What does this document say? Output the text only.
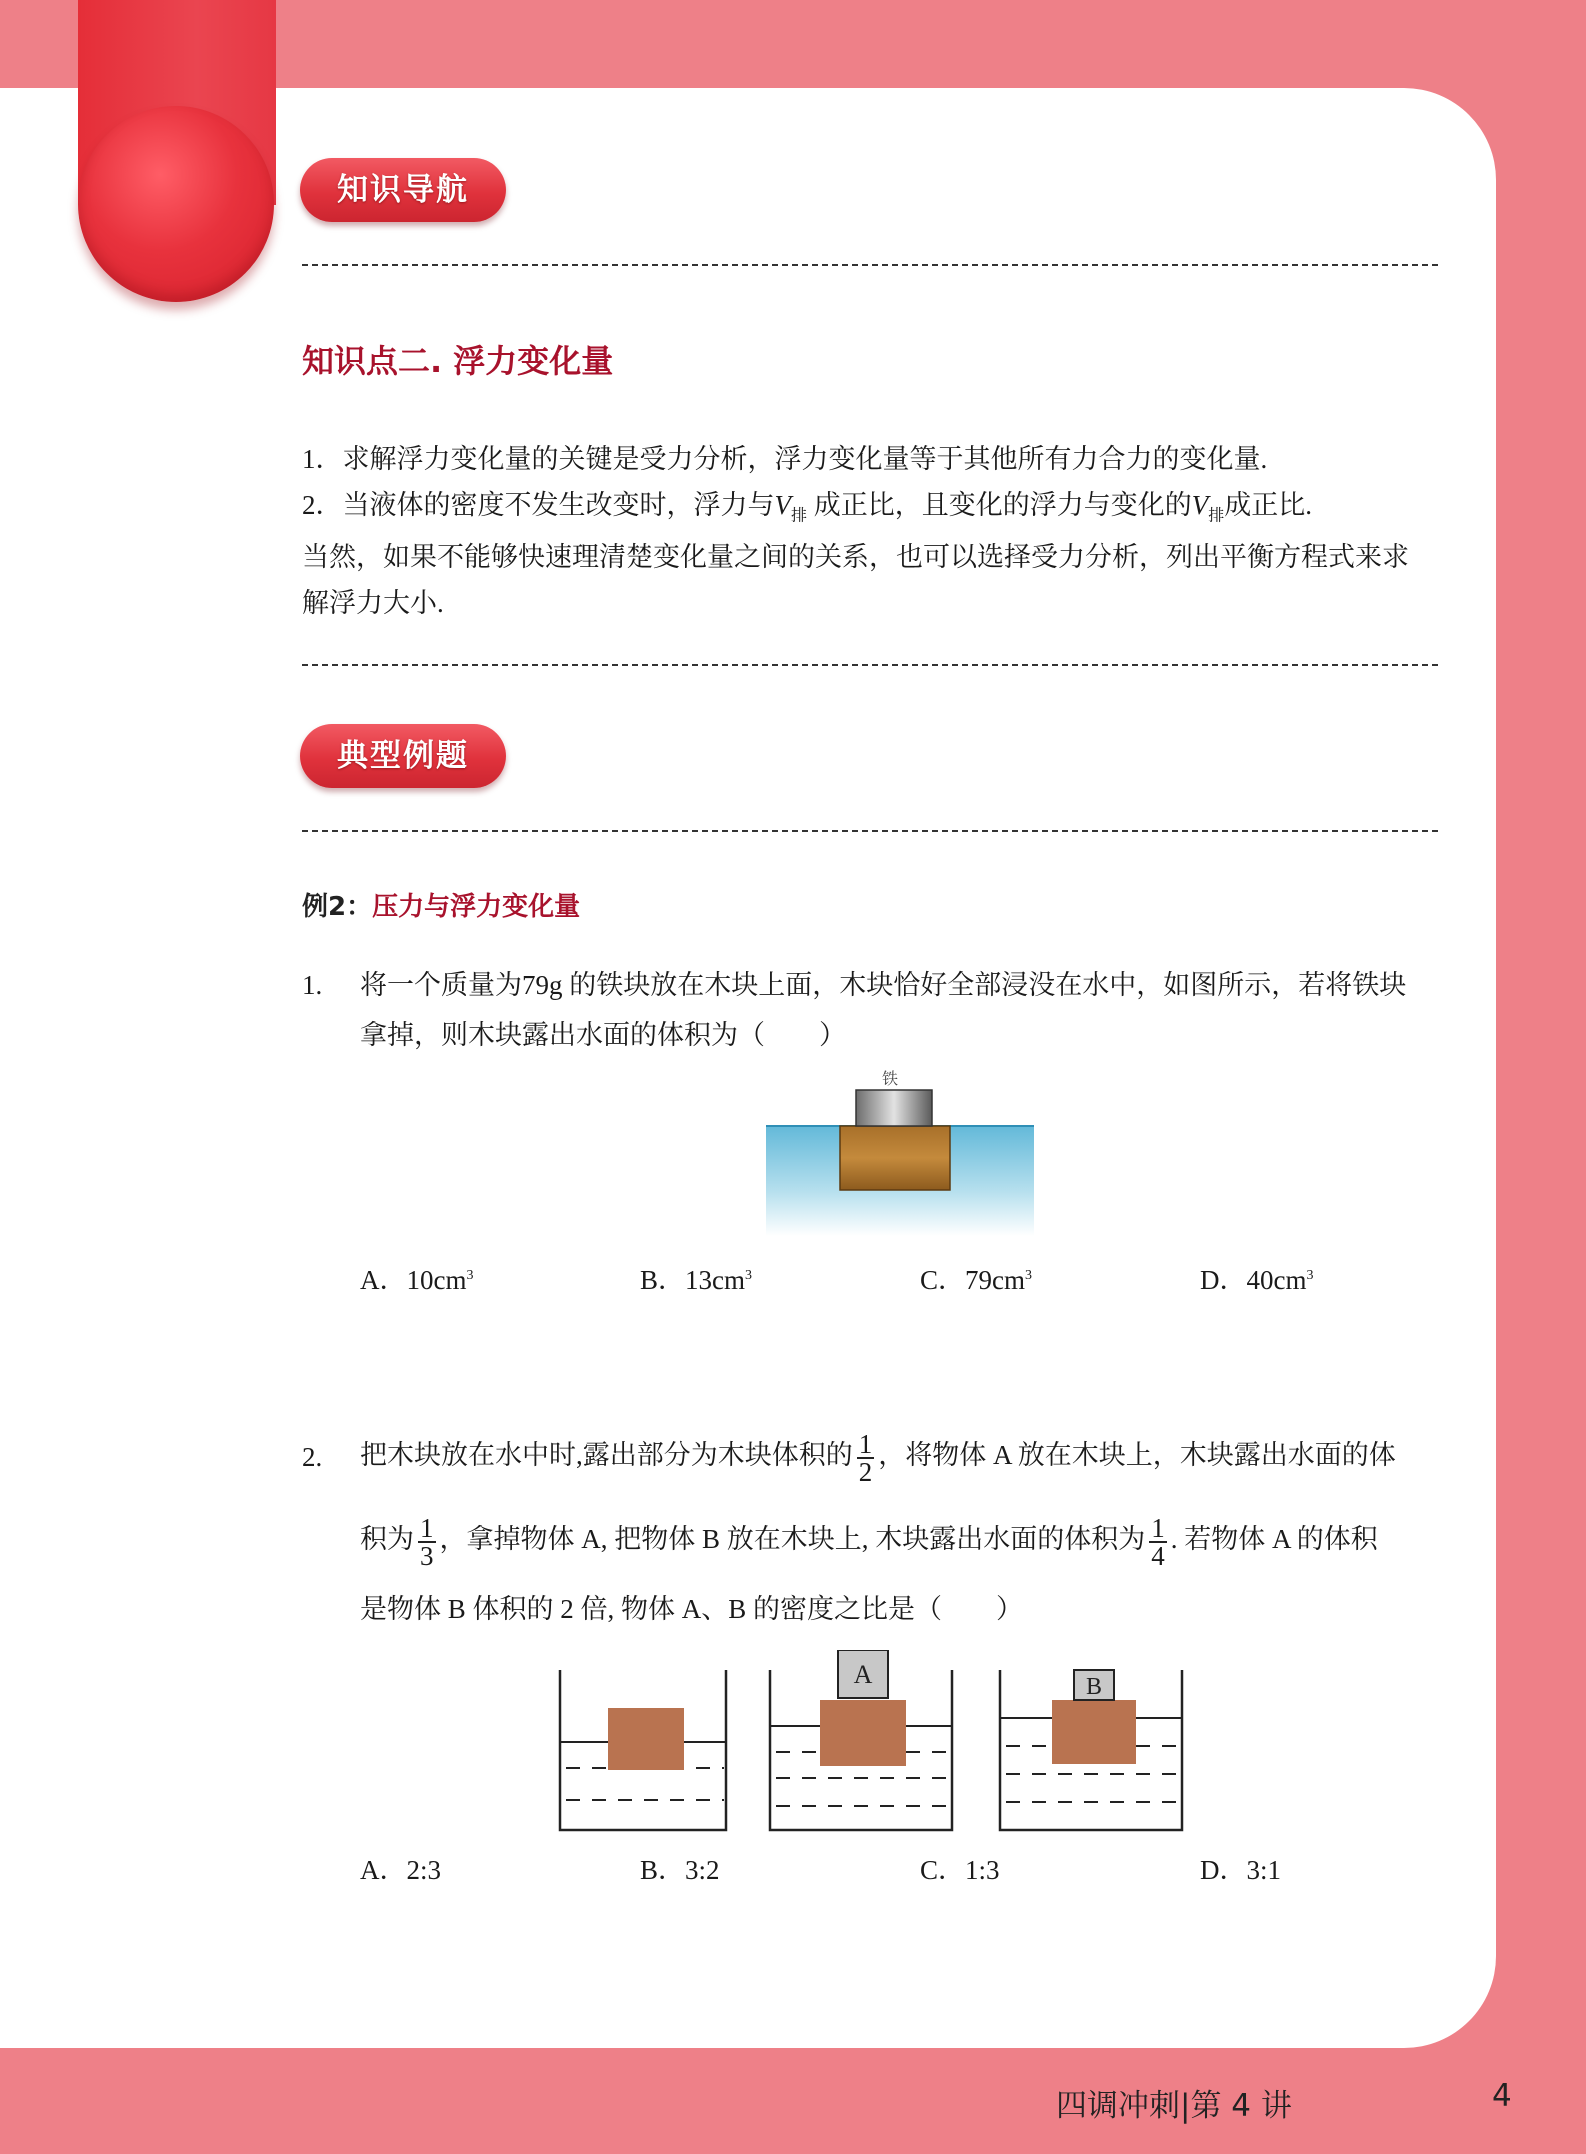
知识导航
知识点二. 浮力变化量
1．求解浮力变化量的关键是受力分析，浮力变化量等于其他所有力合力的变化量.
2．当液体的密度不发生改变时，浮力与$V_排$ 成正比，且变化的浮力与变化的$V_排$成正比.
当然，如果不能够快速理清楚变化量之间的关系，也可以选择受力分析，列出平衡方程式来求
解浮力大小.
典型例题
例2：压力与浮力变化量
1. 将一个质量为79g 的铁块放在木块上面，木块恰好全部浸没在水中，如图所示，若将铁块
拿掉，则木块露出水面的体积为（　　）
铁
A．$10cm^3$	B．$13cm^3$	C．$79cm^3$	D．$40cm^3$
2. 把木块放在水中时,露出部分为木块体积的 $\frac{1}{2}$ ，将物体 A 放在木块上，木块露出水面的体
积为 $\frac{1}{3}$ ，拿掉物体 A, 把物体 B 放在木块上, 木块露出水面的体积为 $\frac{1}{4}$ . 若物体 A 的体积
是物体 B 体积的 2 倍, 物体 A、B 的密度之比是（　　）
A	B
A．2:3	B．3:2	C．1:3	D．3:1
四调冲刺|第 4 讲	4
